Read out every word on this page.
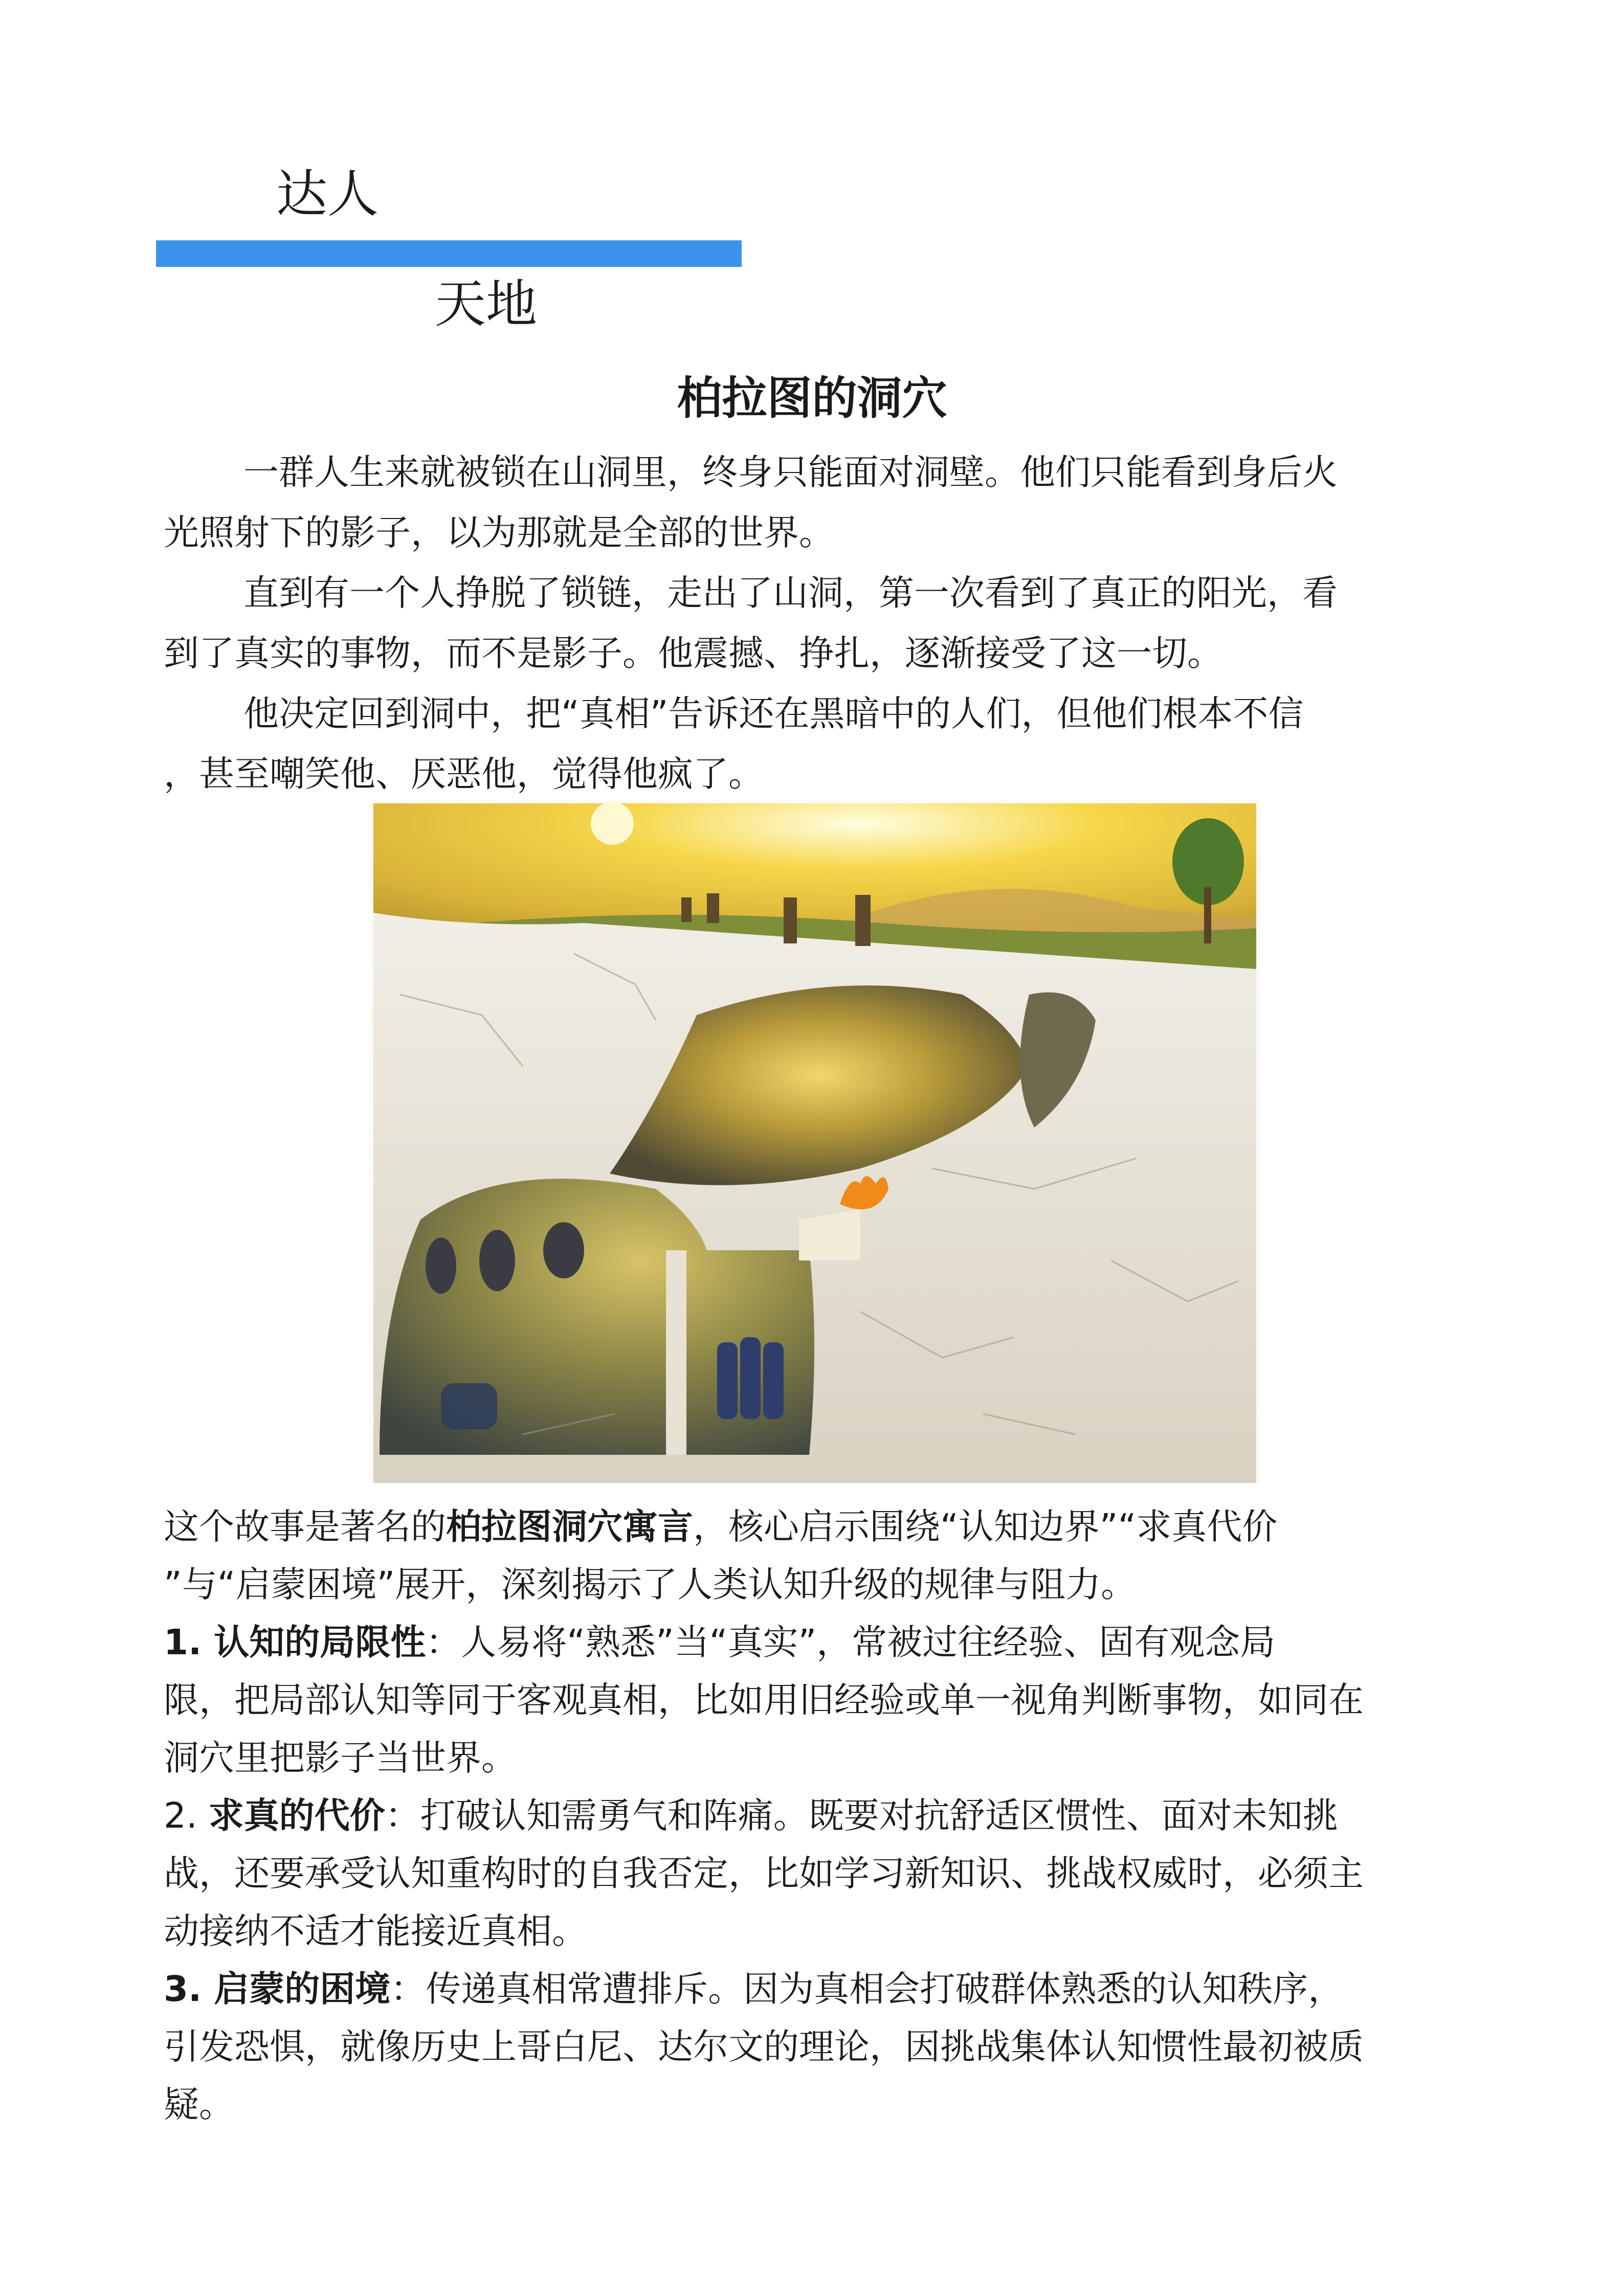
达人
天地
柏拉图的洞穴

一群人生来就被锁在山洞里，终身只能面对洞壁。他们只能看到身后火
光照射下的影子，以为那就是全部的世界。

直到有一个人挣脱了锁链，走出了山洞，第一次看到了真正的阳光，看
到了真实的事物，而不是影子。他震撼、挣扎，逐渐接受了这一切。

他决定回到洞中，把“真相”告诉还在黑暗中的人们，但他们根本不信
，甚至嘲笑他、厌恶他，觉得他疯了。

这个故事是著名的柏拉图洞穴寓言，核心启示围绕“认知边界”“求真代价
”与“启蒙困境”展开，深刻揭示了人类认知升级的规律与阻力。

1. 认知的局限性：人易将“熟悉”当“真实”，常被过往经验、固有观念局
限，把局部认知等同于客观真相，比如用旧经验或单一视角判断事物，如同在
洞穴里把影子当世界。

2. 求真的代价：打破认知需勇气和阵痛。既要对抗舒适区惯性、面对未知挑
战，还要承受认知重构时的自我否定，比如学习新知识、挑战权威时，必须主
动接纳不适才能接近真相。

3. 启蒙的困境：传递真相常遭排斥。因为真相会打破群体熟悉的认知秩序，
引发恐惧，就像历史上哥白尼、达尔文的理论，因挑战集体认知惯性最初被质
疑。
